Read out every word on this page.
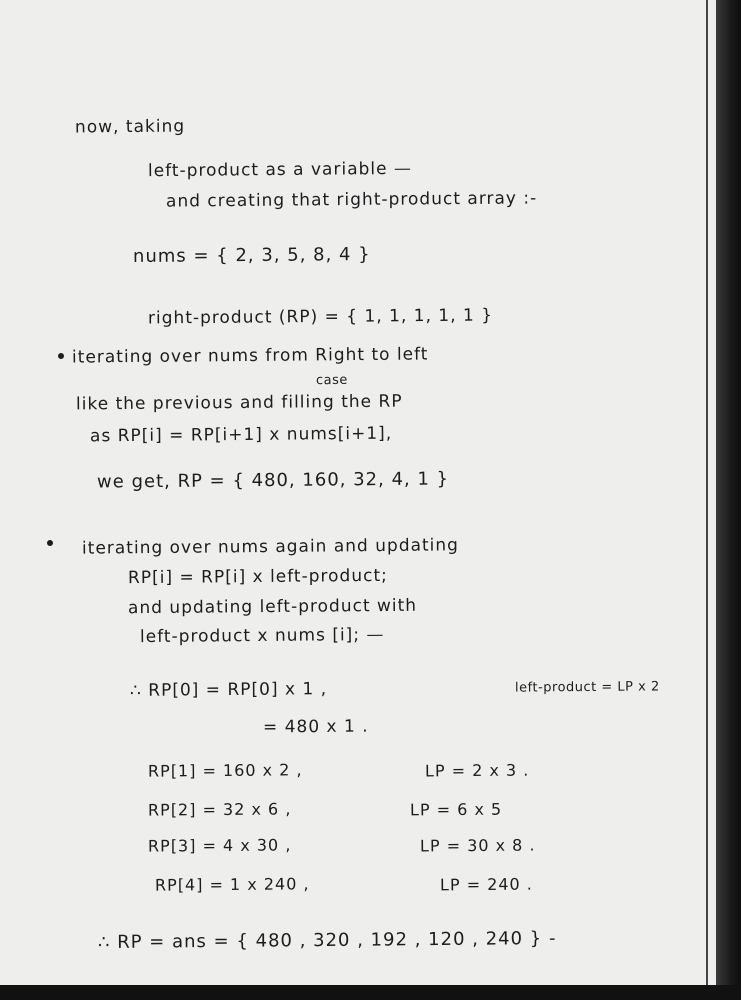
now, taking
left-product as a variable —
and creating that right-product array :-
nums = { 2, 3, 5, 8, 4 }
right-product (RP) = { 1, 1, 1, 1, 1 }
iterating over nums from Right to left
case
like the previous and filling the RP
as RP[i] = RP[i+1] x nums[i+1],
we get, RP = { 480, 160, 32, 4, 1 }
iterating over nums again and updating
RP[i] = RP[i] x left-product;
and updating left-product with
left-product x nums [i]; —
∴ RP[0] = RP[0] x 1 ,	left-product = LP x 2
= 480 x 1 .
RP[1] = 160 x 2 ,	LP = 2 x 3 .
RP[2] = 32 x 6 ,	LP = 6 x 5
RP[3] = 4 x 30 ,	LP = 30 x 8 .
RP[4] = 1 x 240 ,	LP = 240 .
∴ RP = ans = { 480 , 320 , 192 , 120 , 240 } -
